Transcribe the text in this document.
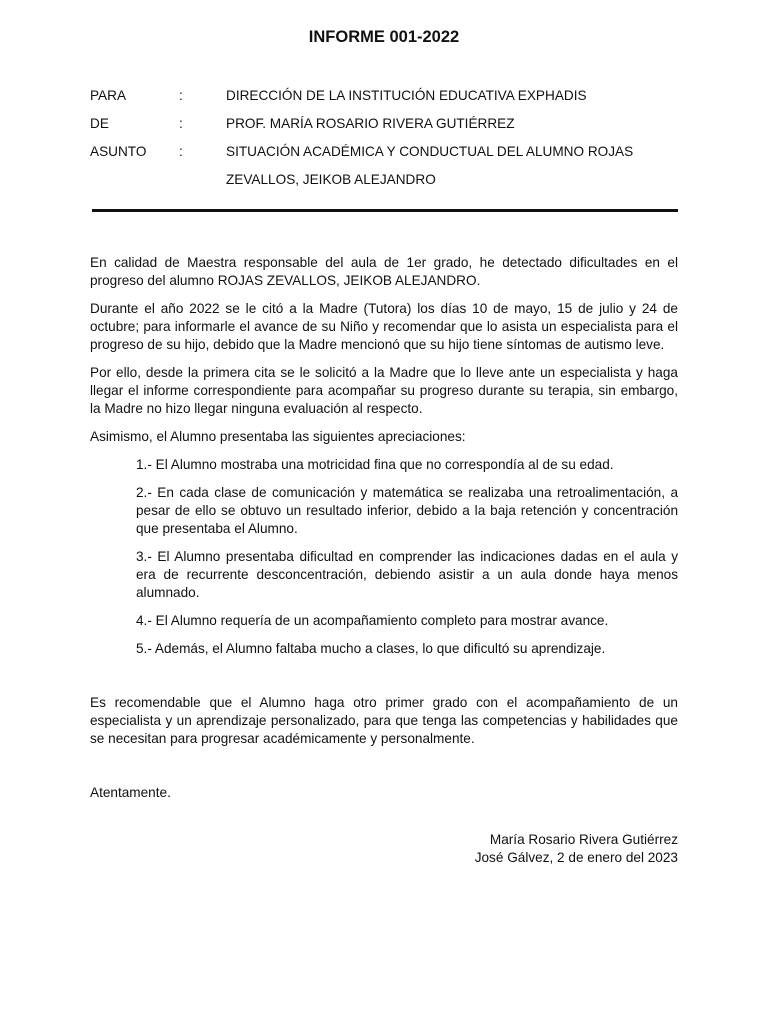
INFORME 001-2022
PARA	:	DIRECCIÓN DE LA INSTITUCIÓN EDUCATIVA EXPHADIS
DE	:	PROF. MARÍA ROSARIO RIVERA GUTIÉRREZ
ASUNTO :	SITUACIÓN ACADÉMICA Y CONDUCTUAL DEL ALUMNO ROJAS ZEVALLOS, JEIKOB ALEJANDRO

En calidad de Maestra responsable del aula de 1er grado, he detectado dificultades en el progreso del alumno ROJAS ZEVALLOS, JEIKOB ALEJANDRO.

Durante el año 2022 se le citó a la Madre (Tutora) los días 10 de mayo, 15 de julio y 24 de octubre; para informarle el avance de su Niño y recomendar que lo asista un especialista para el progreso de su hijo, debido que la Madre mencionó que su hijo tiene síntomas de autismo leve.

Por ello, desde la primera cita se le solicitó a la Madre que lo lleve ante un especialista y haga llegar el informe correspondiente para acompañar su progreso durante su terapia, sin embargo, la Madre no hizo llegar ninguna evaluación al respecto.

Asimismo, el Alumno presentaba las siguientes apreciaciones:

1.- El Alumno mostraba una motricidad fina que no correspondía al de su edad.

2.- En cada clase de comunicación y matemática se realizaba una retroalimentación, a pesar de ello se obtuvo un resultado inferior, debido a la baja retención y concentración que presentaba el Alumno.

3.- El Alumno presentaba dificultad en comprender las indicaciones dadas en el aula y era de recurrente desconcentración, debiendo asistir a un aula donde haya menos alumnado.

4.- El Alumno requería de un acompañamiento completo para mostrar avance.

5.- Además, el Alumno faltaba mucho a clases, lo que dificultó su aprendizaje.

Es recomendable que el Alumno haga otro primer grado con el acompañamiento de un especialista y un aprendizaje personalizado, para que tenga las competencias y habilidades que se necesitan para progresar académicamente y personalmente.

Atentamente.

María Rosario Rivera Gutiérrez
José Gálvez, 2 de enero del 2023
